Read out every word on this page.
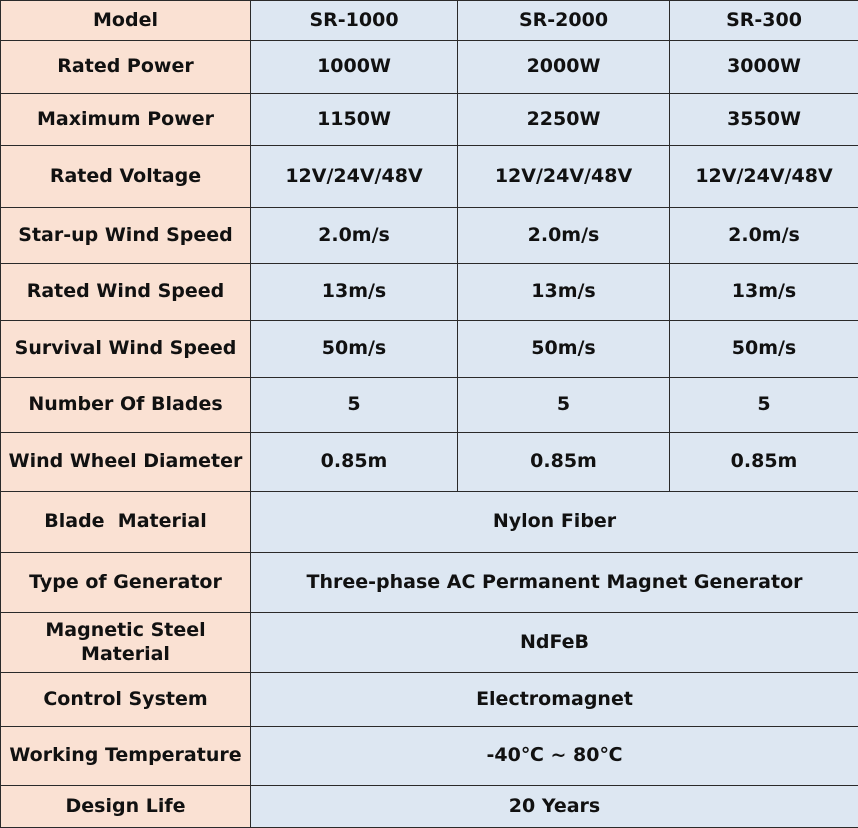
Model	SR-1000	SR-2000	SR-300
Rated Power	1000W	2000W	3000W
Maximum Power	1150W	2250W	3550W
Rated Voltage	12V/24V/48V	12V/24V/48V	12V/24V/48V
Star-up Wind Speed	2.0m/s	2.0m/s	2.0m/s
Rated Wind Speed	13m/s	13m/s	13m/s
Survival Wind Speed	50m/s	50m/s	50m/s
Number Of Blades	5	5	5
Wind Wheel Diameter	0.85m	0.85m	0.85m
Blade  Material	Nylon Fiber		
Type of Generator	Three-phase AC Permanent Magnet Generator		
Magnetic Steel Material	NdFeB		
Control System	Electromagnet		
Working Temperature	-40℃ ~ 80℃		
Design Life	20 Years		
